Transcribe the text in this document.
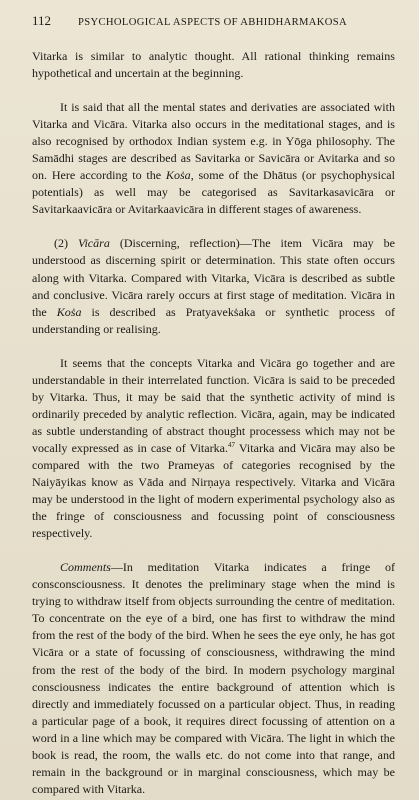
112	PSYCHOLOGICAL ASPECTS OF ABHIDHARMAKOSA

Vitarka is similar to analytic thought. All rational thinking remains hypothetical and uncertain at the beginning.

It is said that all the mental states and derivaties are associated with Vitarka and Vicāra. Vitarka also occurs in the meditational stages, and is also recognised by orthodox Indian system e.g. in Yōga philosophy. The Samādhi stages are described as Savitarka or Savicāra or Avitarka and so on. Here according to the Koṡa, some of the Dhātus (or psychophysical potentials) as well may be categorised as Savitarkasavicāra or Savitarkaavicāra or Avitarkaavicāra in different stages of awareness.

(2) Vicāra (Discerning, reflection)—The item Vicāra may be understood as discerning spirit or determination. This state often occurs along with Vitarka. Compared with Vitarka, Vicāra is described as subtle and conclusive. Vicāra rarely occurs at first stage of meditation. Vicāra in the Koṡa is described as Pratyavekṡaka or synthetic process of understanding or realising.

It seems that the concepts Vitarka and Vicāra go together and are understandable in their interrelated function. Vicāra is said to be preceded by Vitarka. Thus, it may be said that the synthetic activity of mind is ordinarily preceded by analytic reflection. Vicāra, again, may be indicated as subtle understanding of abstract thought processess which may not be vocally expressed as in case of Vitarka.$^{47}$ Vitarka and Vicāra may also be compared with the two Prameyas of categories recognised by the Naiyāyikas know as Vāda and Nirṇaya respectively. Vitarka and Vicāra may be understood in the light of modern experimental psychology also as the fringe of consciousness and focussing point of consciousness respectively.

Comments—In meditation Vitarka indicates a fringe of consconsciousness. It denotes the preliminary stage when the mind is trying to withdraw itself from objects surrounding the centre of meditation. To concentrate on the eye of a bird, one has first to withdraw the mind from the rest of the body of the bird. When he sees the eye only, he has got Vicāra or a state of focussing of consciousness, withdrawing the mind from the rest of the body of the bird. In modern psychology marginal consciousness indicates the entire background of attention which is directly and immediately focussed on a particular object. Thus, in reading a particular page of a book, it requires direct focussing of attention on a word in a line which may be compared with Vicāra. The light in which the book is read, the room, the walls etc. do not come into that range, and remain in the background or in marginal consciousness, which may be compared with Vitarka.
